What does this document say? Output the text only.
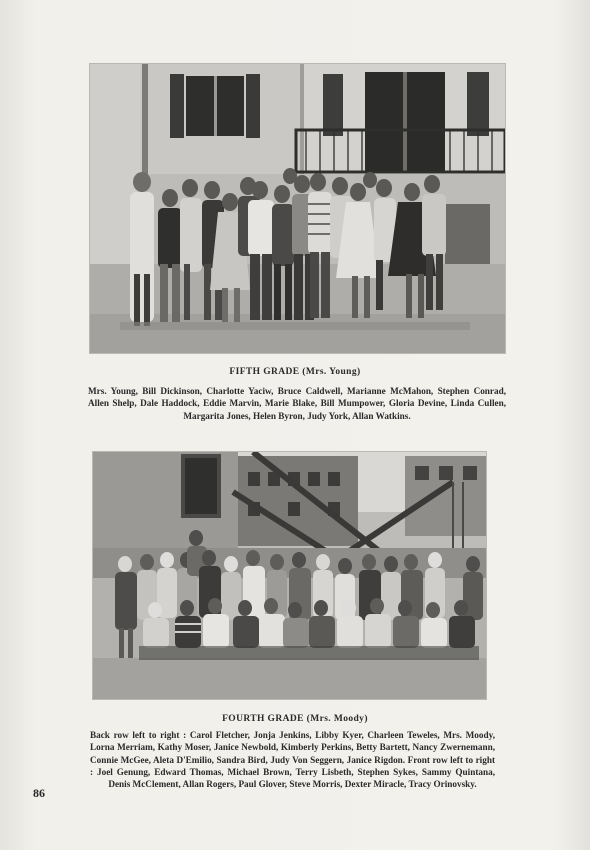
FIFTH GRADE (Mrs. Young)
Mrs. Young, Bill Dickinson, Charlotte Yaciw, Bruce Caldwell, Marianne McMahon, Stephen Conrad, Allen Shelp, Dale Haddock, Eddie Marvin, Marie Blake, Bill Mumpower, Gloria Devine, Linda Cullen, Margarita Jones, Helen Byron, Judy York, Allan Watkins.
FOURTH GRADE (Mrs. Moody)
Back row left to right : Carol Fletcher, Jonja Jenkins, Libby Kyer, Charleen Teweles, Mrs. Moody, Lorna Merriam, Kathy Moser, Janice Newbold, Kimberly Perkins, Betty Bartett, Nancy Zwernemann, Connie McGee, Aleta D'Emilio, Sandra Bird, Judy Von Seggern, Janice Rigdon. Front row left to right : Joel Genung, Edward Thomas, Michael Brown, Terry Lisbeth, Stephen Sykes, Sammy Quintana, Denis McClement, Allan Rogers, Paul Glover, Steve Morris, Dexter Miracle, Tracy Orinovsky.
86
